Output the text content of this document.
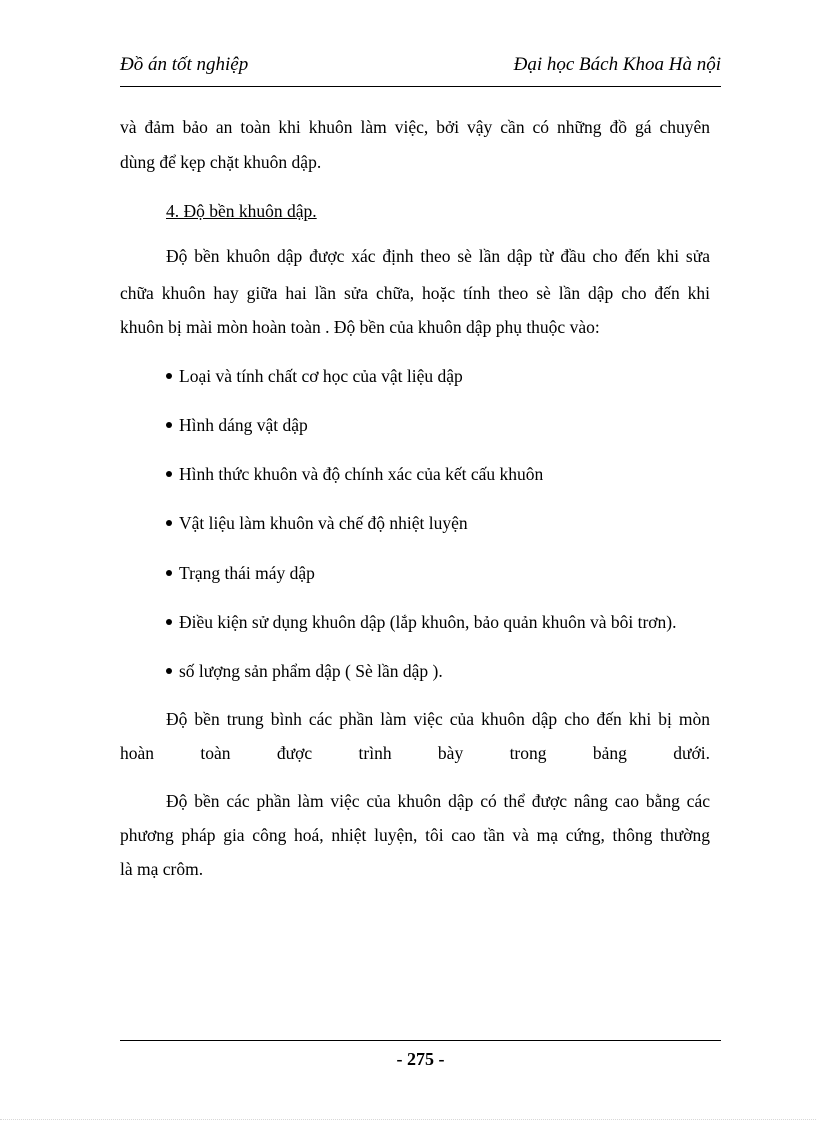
Đồ án tốt nghiệp	Đại học Bách Khoa Hà nội
và đảm bảo an toàn khi khuôn làm việc, bởi vậy cần có những đồ gá chuyên
dùng để kẹp chặt khuôn dập.
4. Độ bền khuôn dập.
Độ bền khuôn dập được xác định theo sè lần dập từ đầu cho đến khi sửa
chữa khuôn hay giữa hai lần sửa chữa, hoặc tính theo sè lần dập cho đến khi
khuôn bị mài mòn hoàn toàn . Độ bền của khuôn dập phụ thuộc vào:
Loại và tính chất cơ học của vật liệu dập
Hình dáng vật dập
Hình thức khuôn và độ chính xác của kết cấu khuôn
Vật liệu làm khuôn và chế độ nhiệt luyện
Trạng thái máy dập
Điều kiện sử dụng khuôn dập (lắp khuôn, bảo quản khuôn và bôi trơn).
số lượng sản phẩm dập ( Sè lần dập ).
Độ bền trung bình các phần làm việc của khuôn dập cho đến khi bị mòn
hoàn toàn được trình bày trong bảng dưới.
Độ bền các phần làm việc của khuôn dập có thể được nâng cao bằng các
phương pháp gia công hoá, nhiệt luyện, tôi cao tần và mạ cứng, thông thường
là mạ crôm.
- 275 -
